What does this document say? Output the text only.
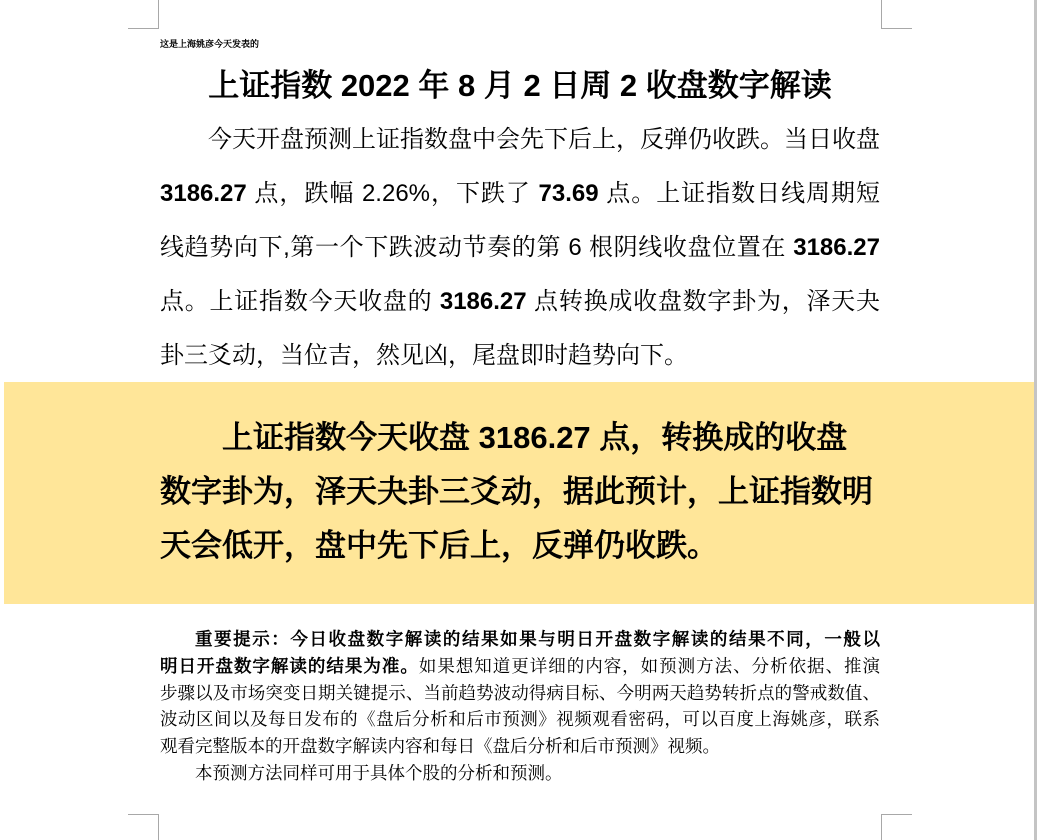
这是上海姚彦今天发表的
上证指数 2022 年 8 月 2 日周 2 收盘数字解读
今天开盘预测上证指数盘中会先下后上，反弹仍收跌。当日收盘
3186.27 点，跌幅 2.26%，下跌了 73.69 点。上证指数日线周期短
线趋势向下,第一个下跌波动节奏的第 6 根阴线收盘位置在 3186.27
点。上证指数今天收盘的 3186.27 点转换成收盘数字卦为，泽天夬
卦三爻动，当位吉，然见凶，尾盘即时趋势向下。
上证指数今天收盘 3186.27 点，转换成的收盘
数字卦为，泽天夬卦三爻动，据此预计，上证指数明
天会低开，盘中先下后上，反弹仍收跌。
重要提示：今日收盘数字解读的结果如果与明日开盘数字解读的结果不同，一般以
明日开盘数字解读的结果为准。如果想知道更详细的内容，如预测方法、分析依据、推演
步骤以及市场突变日期关键提示、当前趋势波动得病目标、今明两天趋势转折点的警戒数值、
波动区间以及每日发布的《盘后分析和后市预测》视频观看密码，可以百度上海姚彦，联系
观看完整版本的开盘数字解读内容和每日《盘后分析和后市预测》视频。
本预测方法同样可用于具体个股的分析和预测。
